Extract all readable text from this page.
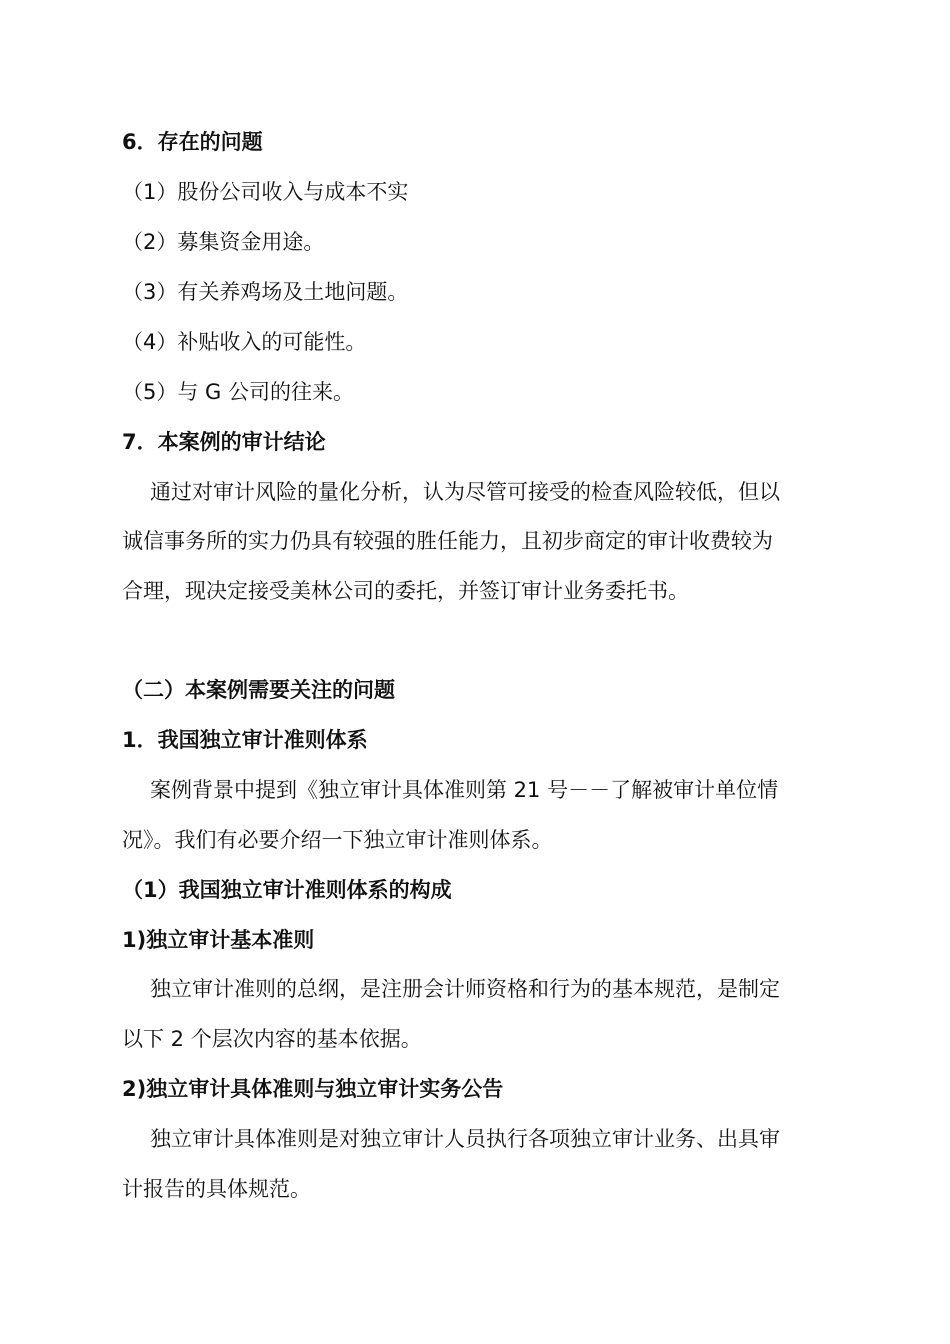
6．存在的问题
（1）股份公司收入与成本不实
（2）募集资金用途。
（3）有关养鸡场及土地问题。
（4）补贴收入的可能性。
（5）与 G 公司的往来。
7．本案例的审计结论
通过对审计风险的量化分析，认为尽管可接受的检查风险较低，但以
诚信事务所的实力仍具有较强的胜任能力，且初步商定的审计收费较为
合理，现决定接受美林公司的委托，并签订审计业务委托书。
（二）本案例需要关注的问题
1．我国独立审计准则体系
案例背景中提到《独立审计具体准则第 21 号－－了解被审计单位情
况》。我们有必要介绍一下独立审计准则体系。
（1）我国独立审计准则体系的构成
1)独立审计基本准则
独立审计准则的总纲，是注册会计师资格和行为的基本规范，是制定
以下 2 个层次内容的基本依据。
2)独立审计具体准则与独立审计实务公告
独立审计具体准则是对独立审计人员执行各项独立审计业务、出具审
计报告的具体规范。
